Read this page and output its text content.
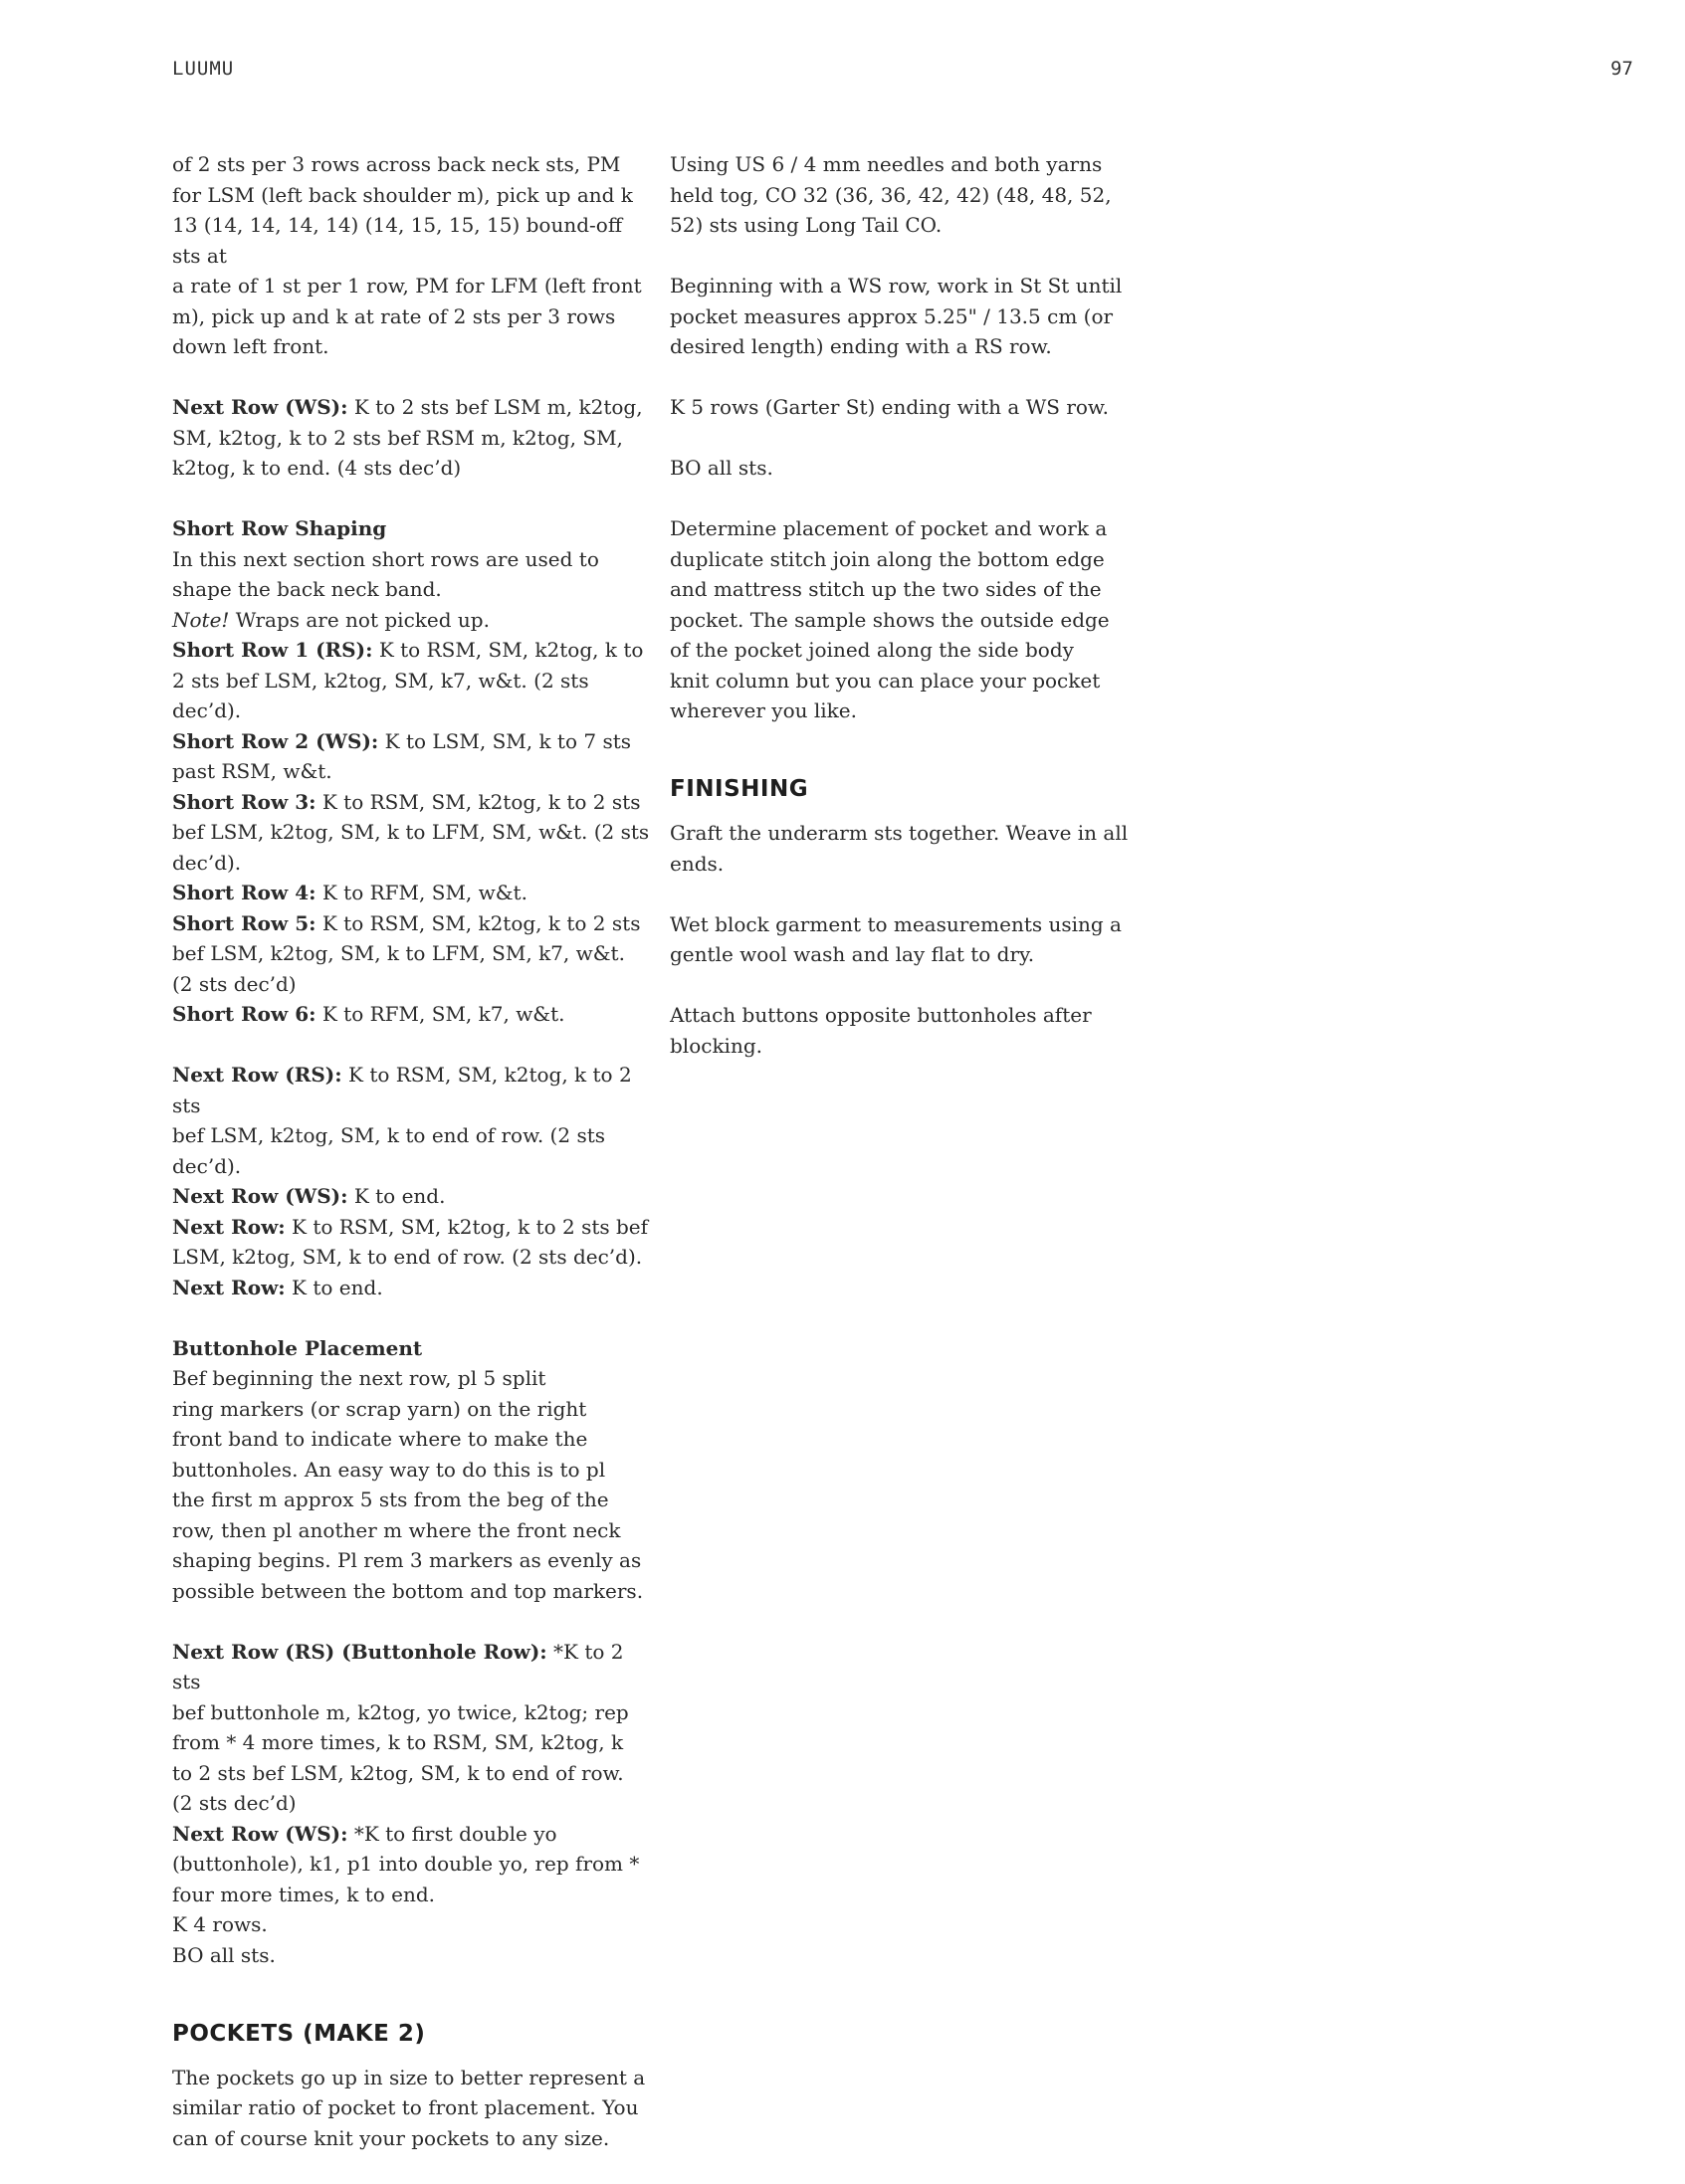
LUUMU	97

of 2 sts per 3 rows across back neck sts, PM
for LSM (left back shoulder m), pick up and k
13 (14, 14, 14, 14) (14, 15, 15, 15) bound-off sts at
a rate of 1 st per 1 row, PM for LFM (left front
m), pick up and k at rate of 2 sts per 3 rows
down left front.

Next Row (WS): K to 2 sts bef LSM m, k2tog,
SM, k2tog, k to 2 sts bef RSM m, k2tog, SM,
k2tog, k to end. (4 sts dec’d)

Short Row Shaping
In this next section short rows are used to
shape the back neck band.
Note! Wraps are not picked up.
Short Row 1 (RS): K to RSM, SM, k2tog, k to
2 sts bef LSM, k2tog, SM, k7, w&t. (2 sts dec’d).
Short Row 2 (WS): K to LSM, SM, k to 7 sts
past RSM, w&t.
Short Row 3: K to RSM, SM, k2tog, k to 2 sts
bef LSM, k2tog, SM, k to LFM, SM, w&t. (2 sts
dec’d).
Short Row 4: K to RFM, SM, w&t.
Short Row 5: K to RSM, SM, k2tog, k to 2 sts
bef LSM, k2tog, SM, k to LFM, SM, k7, w&t.
(2 sts dec’d)
Short Row 6: K to RFM, SM, k7, w&t.

Next Row (RS): K to RSM, SM, k2tog, k to 2 sts
bef LSM, k2tog, SM, k to end of row. (2 sts
dec’d).
Next Row (WS): K to end.
Next Row: K to RSM, SM, k2tog, k to 2 sts bef
LSM, k2tog, SM, k to end of row. (2 sts dec’d).
Next Row: K to end.

Buttonhole Placement
Bef beginning the next row, pl 5 split
ring markers (or scrap yarn) on the right
front band to indicate where to make the
buttonholes. An easy way to do this is to pl
the first m approx 5 sts from the beg of the
row, then pl another m where the front neck
shaping begins. Pl rem 3 markers as evenly as
possible between the bottom and top markers.

Next Row (RS) (Buttonhole Row): *K to 2 sts
bef buttonhole m, k2tog, yo twice, k2tog; rep
from * 4 more times, k to RSM, SM, k2tog, k
to 2 sts bef LSM, k2tog, SM, k to end of row.
(2 sts dec’d)
Next Row (WS): *K to first double yo
(buttonhole), k1, p1 into double yo, rep from *
four more times, k to end.
K 4 rows.
BO all sts.

POCKETS (MAKE 2)

The pockets go up in size to better represent a
similar ratio of pocket to front placement. You
can of course knit your pockets to any size.

Using US 6 / 4 mm needles and both yarns
held tog, CO 32 (36, 36, 42, 42) (48, 48, 52,
52) sts using Long Tail CO.

Beginning with a WS row, work in St St until
pocket measures approx 5.25" / 13.5 cm (or
desired length) ending with a RS row.

K 5 rows (Garter St) ending with a WS row.

BO all sts.

Determine placement of pocket and work a
duplicate stitch join along the bottom edge
and mattress stitch up the two sides of the
pocket. The sample shows the outside edge
of the pocket joined along the side body
knit column but you can place your pocket
wherever you like.

FINISHING

Graft the underarm sts together. Weave in all
ends.

Wet block garment to measurements using a
gentle wool wash and lay flat to dry.

Attach buttons opposite buttonholes after
blocking.
